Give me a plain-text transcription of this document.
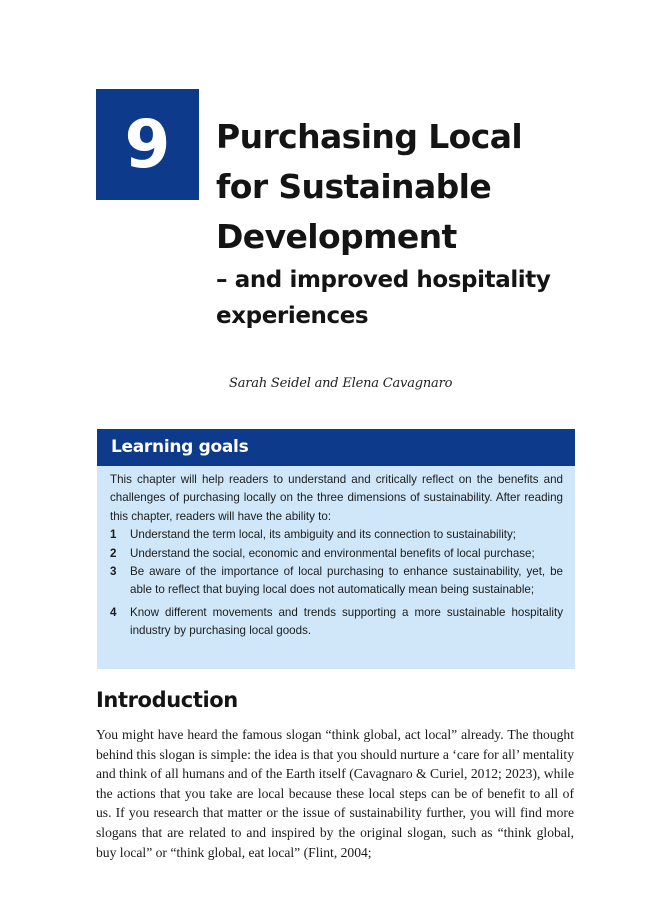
9 Purchasing Local
for Sustainable
Development
– and improved hospitality
experiences
Sarah Seidel and Elena Cavagnaro
Learning goals

This chapter will help readers to understand and critically reflect on the benefits and challenges of purchasing locally on the three dimensions of sustainability. After reading this chapter, readers will have the ability to:

1 Understand the term local, its ambiguity and its connection to sustainability;
2 Understand the social, economic and environmental benefits of local purchase;
3 Be aware of the importance of local purchasing to enhance sustainability, yet, be able to reflect that buying local does not automatically mean being sustainable;
4 Know different movements and trends supporting a more sustainable hospitality industry by purchasing local goods.
Introduction

You might have heard the famous slogan “think global, act local” already. The thought behind this slogan is simple: the idea is that you should nurture a ‘care for all’ mentality and think of all humans and of the Earth itself (Cavagnaro & Curiel, 2012; 2023), while the actions that you take are local because these local steps can be of benefit to all of us. If you research that matter or the issue of sustainability further, you will find more slogans that are related to and inspired by the original slogan, such as “think global, buy local” or “think global, eat local” (Flint, 2004;
